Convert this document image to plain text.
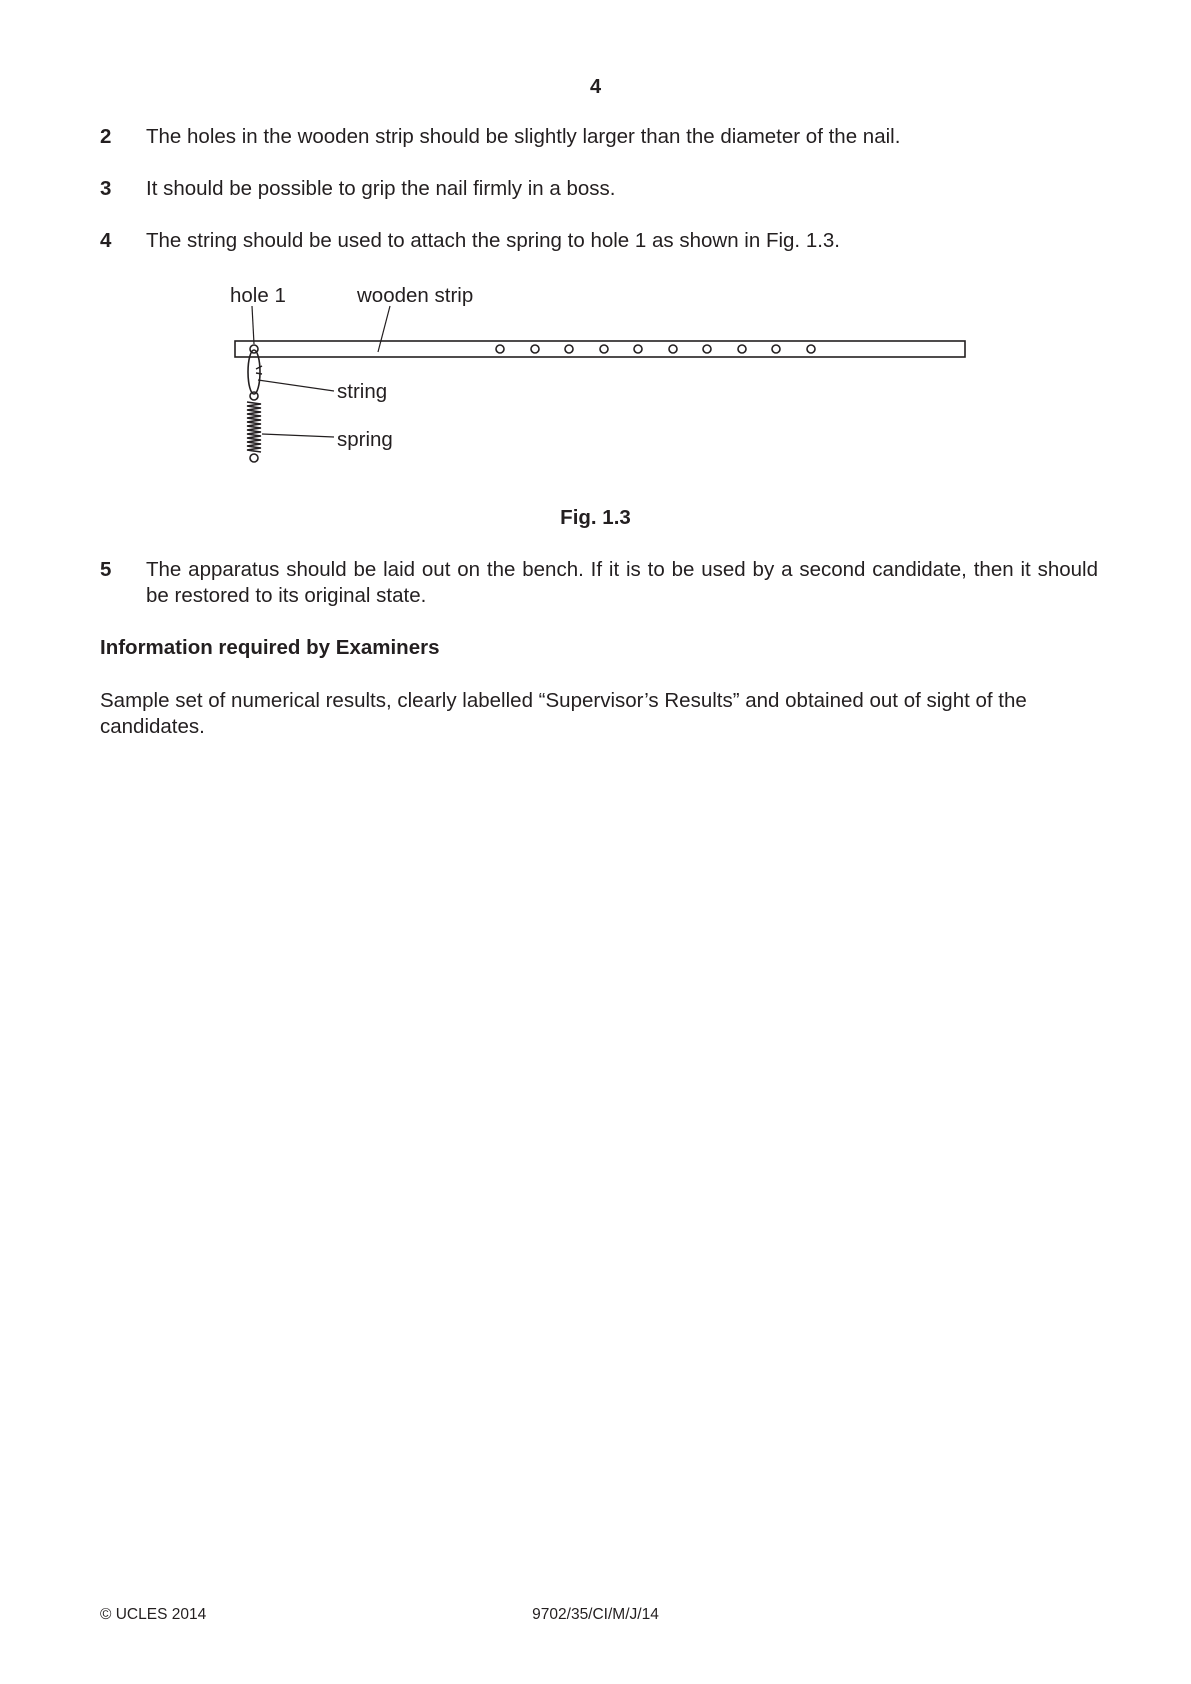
4
2 The holes in the wooden strip should be slightly larger than the diameter of the nail.
3 It should be possible to grip the nail firmly in a boss.
4 The string should be used to attach the spring to hole 1 as shown in Fig. 1.3.
hole 1	wooden strip
string
spring
Fig. 1.3
5 The apparatus should be laid out on the bench. If it is to be used by a second candidate, then it should be restored to its original state.
Information required by Examiners
Sample set of numerical results, clearly labelled “Supervisor’s Results” and obtained out of sight of the candidates.
© UCLES 2014	9702/35/CI/M/J/14
